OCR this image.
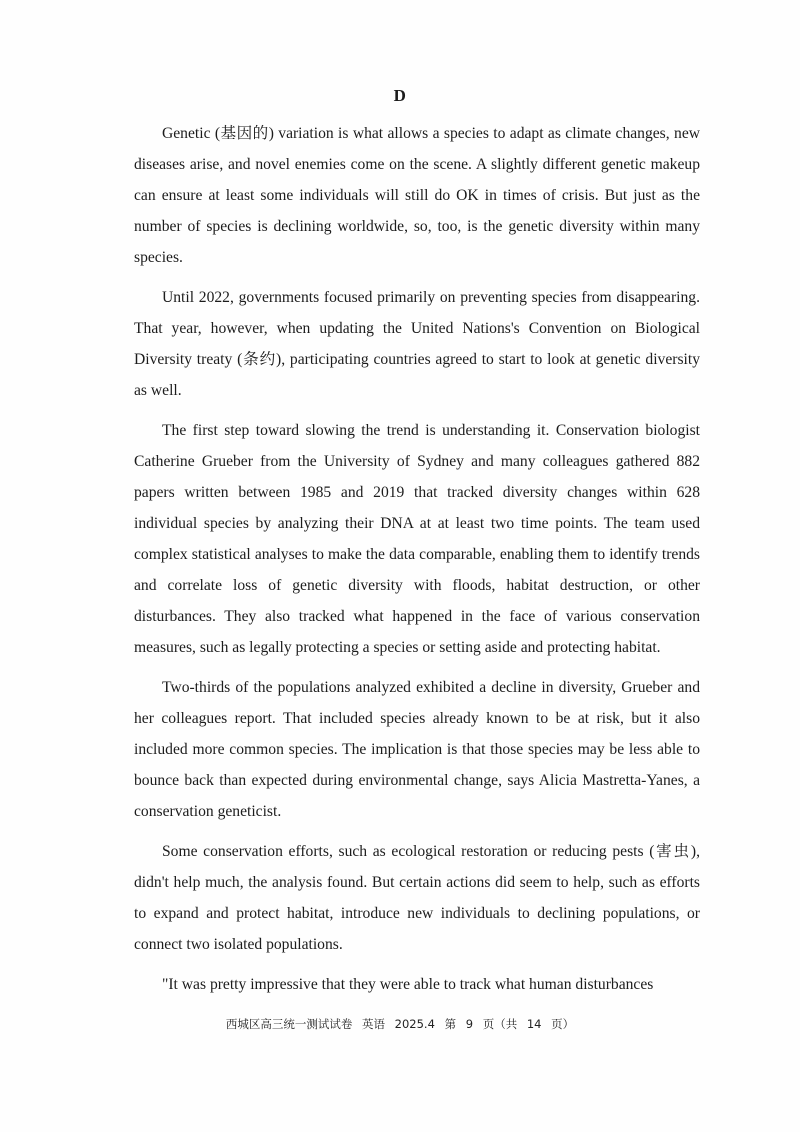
D

Genetic (基因的) variation is what allows a species to adapt as climate changes, new diseases arise, and novel enemies come on the scene. A slightly different genetic makeup can ensure at least some individuals will still do OK in times of crisis. But just as the number of species is declining worldwide, so, too, is the genetic diversity within many species.

Until 2022, governments focused primarily on preventing species from disappearing. That year, however, when updating the United Nations's Convention on Biological Diversity treaty (条约), participating countries agreed to start to look at genetic diversity as well.

The first step toward slowing the trend is understanding it. Conservation biologist Catherine Grueber from the University of Sydney and many colleagues gathered 882 papers written between 1985 and 2019 that tracked diversity changes within 628 individual species by analyzing their DNA at at least two time points. The team used complex statistical analyses to make the data comparable, enabling them to identify trends and correlate loss of genetic diversity with floods, habitat destruction, or other disturbances. They also tracked what happened in the face of various conservation measures, such as legally protecting a species or setting aside and protecting habitat.

Two-thirds of the populations analyzed exhibited a decline in diversity, Grueber and her colleagues report. That included species already known to be at risk, but it also included more common species. The implication is that those species may be less able to bounce back than expected during environmental change, says Alicia Mastretta-Yanes, a conservation geneticist.

Some conservation efforts, such as ecological restoration or reducing pests (害虫), didn't help much, the analysis found. But certain actions did seem to help, such as efforts to expand and protect habitat, introduce new individuals to declining populations, or connect two isolated populations.

"It was pretty impressive that they were able to track what human disturbances

西城区高三统一测试试卷 英语 2025.4 第 9 页（共 14 页）
